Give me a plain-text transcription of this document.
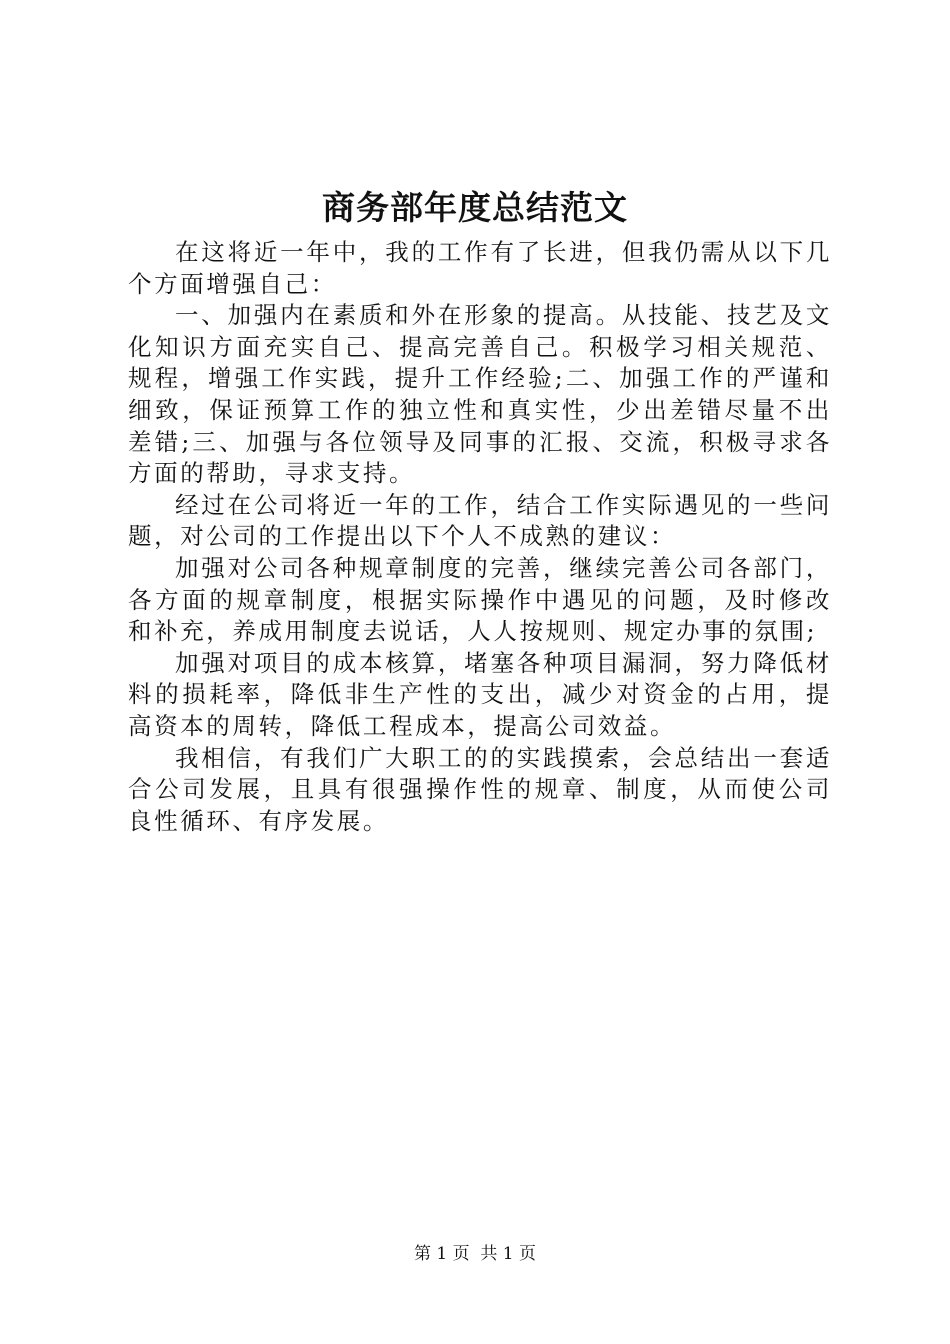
商务部年度总结范文

在这将近一年中，我的工作有了长进，但我仍需从以下几个方面增强自己：

一、加强内在素质和外在形象的提高。从技能、技艺及文化知识方面充实自己、提高完善自己。积极学习相关规范、规程，增强工作实践，提升工作经验;二、加强工作的严谨和细致，保证预算工作的独立性和真实性，少出差错尽量不出差错;三、加强与各位领导及同事的汇报、交流，积极寻求各方面的帮助，寻求支持。

经过在公司将近一年的工作，结合工作实际遇见的一些问题，对公司的工作提出以下个人不成熟的建议：

加强对公司各种规章制度的完善，继续完善公司各部门，各方面的规章制度，根据实际操作中遇见的问题，及时修改和补充，养成用制度去说话，人人按规则、规定办事的氛围;

加强对项目的成本核算，堵塞各种项目漏洞，努力降低材料的损耗率，降低非生产性的支出，减少对资金的占用，提高资本的周转，降低工程成本，提高公司效益。

我相信，有我们广大职工的的实践摸索，会总结出一套适合公司发展，且具有很强操作性的规章、制度，从而使公司良性循环、有序发展。

第 1 页  共 1 页
